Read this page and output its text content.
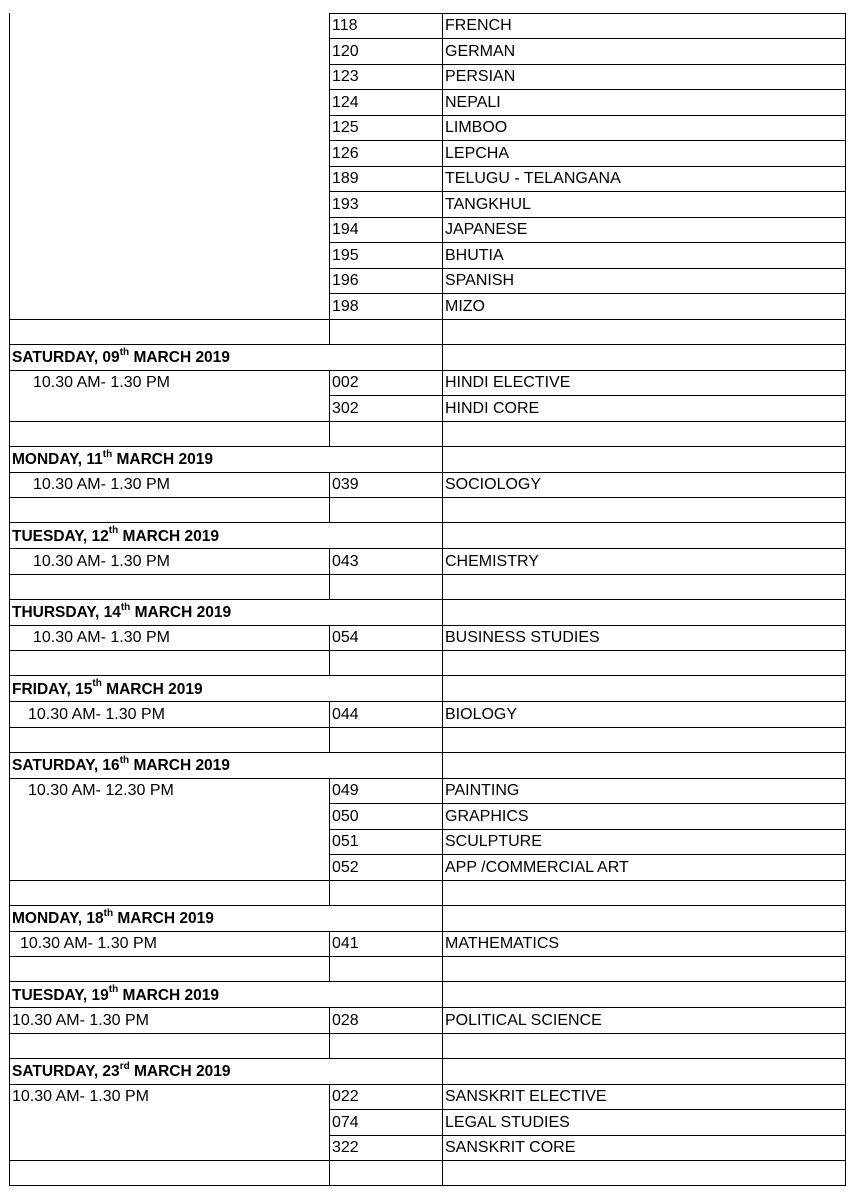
118	FRENCH
120	GERMAN
123	PERSIAN
124	NEPALI
125	LIMBOO
126	LEPCHA
189	TELUGU - TELANGANA
193	TANGKHUL
194	JAPANESE
195	BHUTIA
196	SPANISH
198	MIZO
SATURDAY, 09th MARCH 2019
10.30 AM- 1.30 PM	002	HINDI ELECTIVE
302	HINDI CORE
MONDAY, 11th MARCH 2019
10.30 AM- 1.30 PM	039	SOCIOLOGY
TUESDAY, 12th MARCH 2019
10.30 AM- 1.30 PM	043	CHEMISTRY
THURSDAY, 14th MARCH 2019
10.30 AM- 1.30 PM	054	BUSINESS STUDIES
FRIDAY, 15th MARCH 2019
10.30 AM- 1.30 PM	044	BIOLOGY
SATURDAY, 16th MARCH 2019
10.30 AM- 12.30 PM	049	PAINTING
050	GRAPHICS
051	SCULPTURE
052	APP /COMMERCIAL ART
MONDAY, 18th MARCH 2019
10.30 AM- 1.30 PM	041	MATHEMATICS
TUESDAY, 19th MARCH 2019
10.30 AM- 1.30 PM	028	POLITICAL SCIENCE
SATURDAY, 23rd MARCH 2019
10.30 AM- 1.30 PM	022	SANSKRIT ELECTIVE
074	LEGAL STUDIES
322	SANSKRIT CORE
